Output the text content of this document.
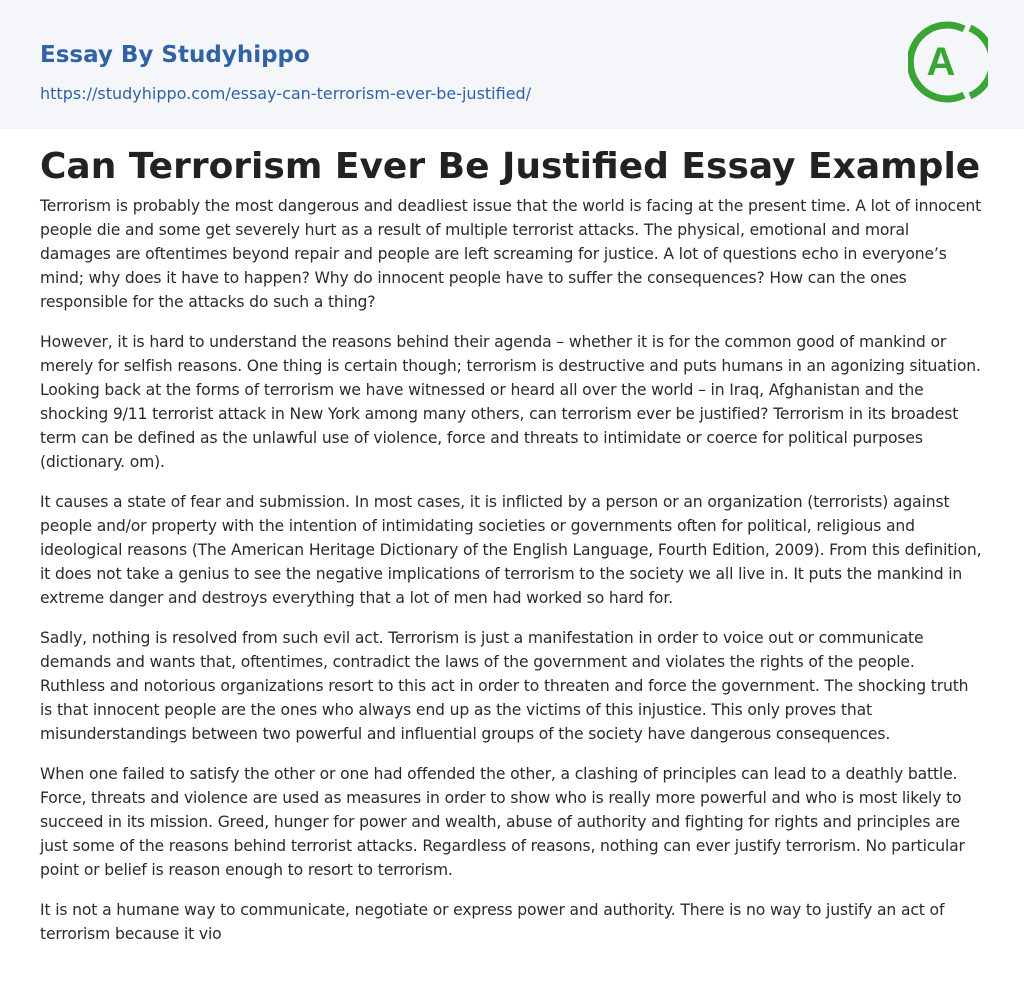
Essay By Studyhippo
https://studyhippo.com/essay-can-terrorism-ever-be-justified/
A
Can Terrorism Ever Be Justified Essay Example

Terrorism is probably the most dangerous and deadliest issue that the world is facing at the present time. A lot of innocent people die and some get severely hurt as a result of multiple terrorist attacks. The physical, emotional and moral damages are oftentimes beyond repair and people are left screaming for justice. A lot of questions echo in everyone’s mind; why does it have to happen? Why do innocent people have to suffer the consequences? How can the ones responsible for the attacks do such a thing?

However, it is hard to understand the reasons behind their agenda – whether it is for the common good of mankind or merely for selfish reasons. One thing is certain though; terrorism is destructive and puts humans in an agonizing situation. Looking back at the forms of terrorism we have witnessed or heard all over the world – in Iraq, Afghanistan and the shocking 9/11 terrorist attack in New York among many others, can terrorism ever be justified? Terrorism in its broadest term can be defined as the unlawful use of violence, force and threats to intimidate or coerce for political purposes (dictionary. om).

It causes a state of fear and submission. In most cases, it is inflicted by a person or an organization (terrorists) against people and/or property with the intention of intimidating societies or governments often for political, religious and ideological reasons (The American Heritage Dictionary of the English Language, Fourth Edition, 2009). From this definition, it does not take a genius to see the negative implications of terrorism to the society we all live in. It puts the mankind in extreme danger and destroys everything that a lot of men had worked so hard for.

Sadly, nothing is resolved from such evil act. Terrorism is just a manifestation in order to voice out or communicate demands and wants that, oftentimes, contradict the laws of the government and violates the rights of the people. Ruthless and notorious organizations resort to this act in order to threaten and force the government. The shocking truth is that innocent people are the ones who always end up as the victims of this injustice. This only proves that misunderstandings between two powerful and influential groups of the society have dangerous consequences.

When one failed to satisfy the other or one had offended the other, a clashing of principles can lead to a deathly battle. Force, threats and violence are used as measures in order to show who is really more powerful and who is most likely to succeed in its mission. Greed, hunger for power and wealth, abuse of authority and fighting for rights and principles are just some of the reasons behind terrorist attacks. Regardless of reasons, nothing can ever justify terrorism. No particular point or belief is reason enough to resort to terrorism.

It is not a humane way to communicate, negotiate or express power and authority. There is no way to justify an act of terrorism because it vio
